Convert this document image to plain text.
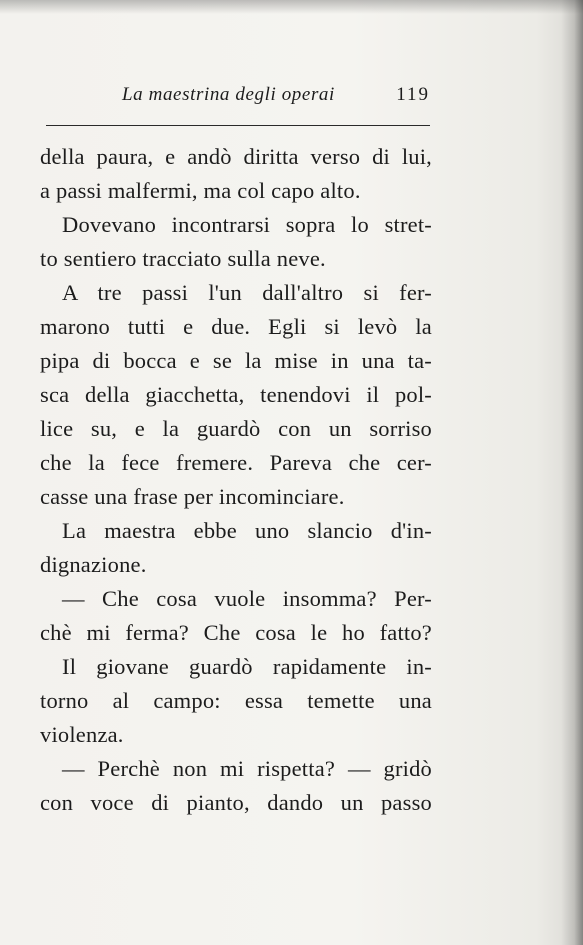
La maestrina degli operai	119
della paura, e andò diritta verso di lui,
a passi malfermi, ma col capo alto.
Dovevano incontrarsi sopra lo stret-
to sentiero tracciato sulla neve.
A tre passi l'un dall'altro si fer-
marono tutti e due. Egli si levò la
pipa di bocca e se la mise in una ta-
sca della giacchetta, tenendovi il pol-
lice su, e la guardò con un sorriso
che la fece fremere. Pareva che cer-
casse una frase per incominciare.
La maestra ebbe uno slancio d'in-
dignazione.
— Che cosa vuole insomma? Per-
chè mi ferma? Che cosa le ho fatto?
Il giovane guardò rapidamente in-
torno al campo: essa temette una
violenza.
— Perchè non mi rispetta? — gridò
con voce di pianto, dando un passo
